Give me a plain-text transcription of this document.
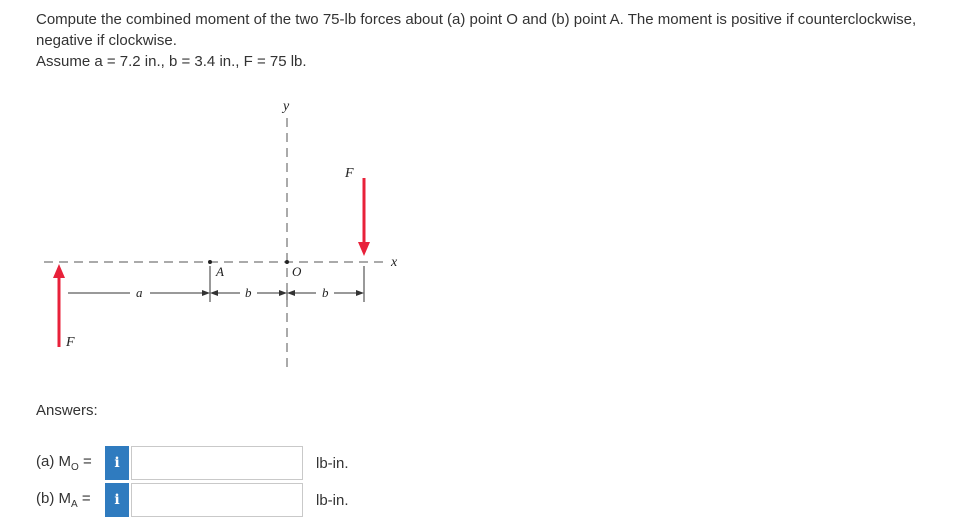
Compute the combined moment of the two 75-lb forces about (a) point O and (b) point A. The moment is positive if counterclockwise,

negative if clockwise.

Assume a = 7.2 in., b = 3.4 in., F = 75 lb.

y
x
A	O
a	b	b
F
F
Answers:
(a) $M_O$ =	i	lb-in.
(b) $M_A$ =	i	lb-in.
